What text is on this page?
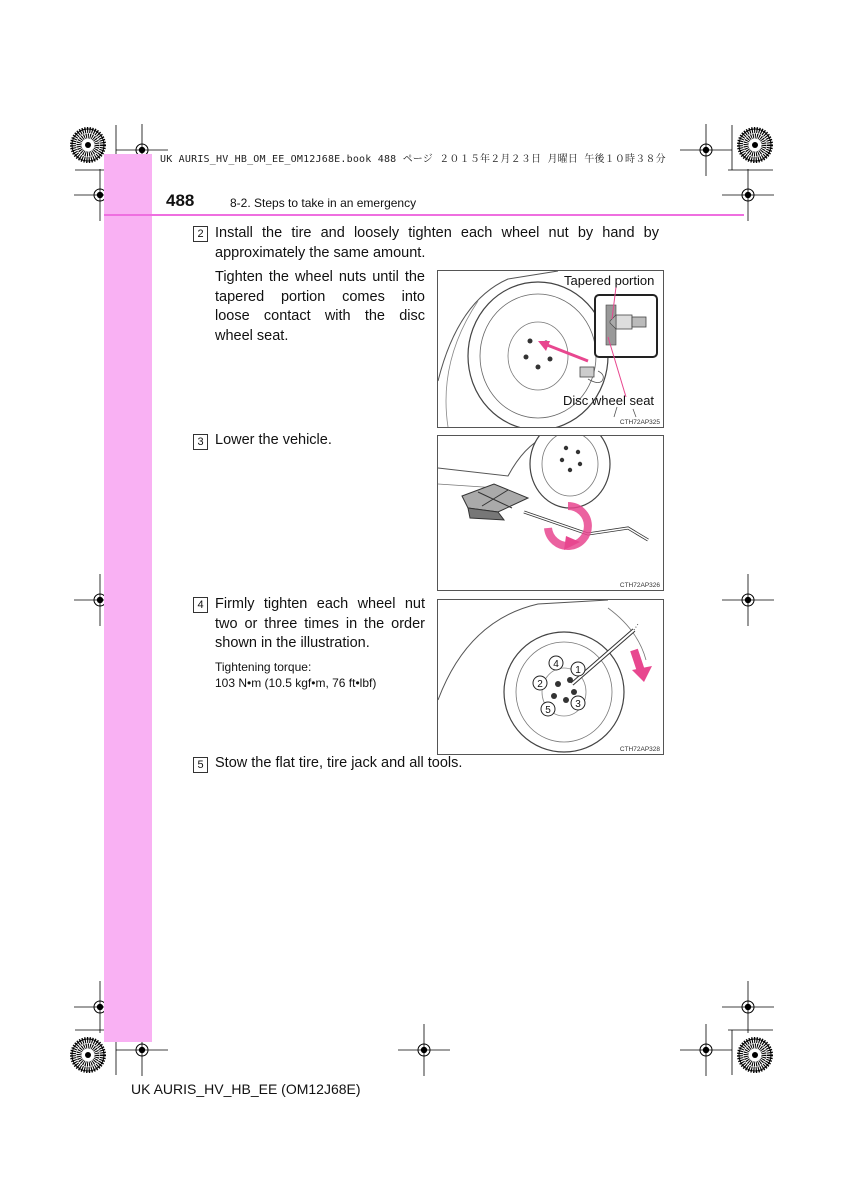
UK AURIS_HV_HB_OM_EE_OM12J68E.book 488 ページ ２０１５年２月２３日 月曜日 午後１０時３８分
488	8-2. Steps to take in an emergency
2 Install the tire and loosely tighten each wheel nut by hand by approximately the same amount.
Tighten the wheel nuts until the tapered portion comes into loose contact with the disc wheel seat.
Tapered portion
Disc wheel seat
CTH72AP325
3 Lower the vehicle.
CTH72AP326
4 Firmly tighten each wheel nut two or three times in the order shown in the illustration.
Tightening torque:
103 N•m (10.5 kgf•m, 76 ft•lbf)
1
2
3
4
5
CTH72AP328
5 Stow the flat tire, tire jack and all tools.
UK AURIS_HV_HB_EE (OM12J68E)
